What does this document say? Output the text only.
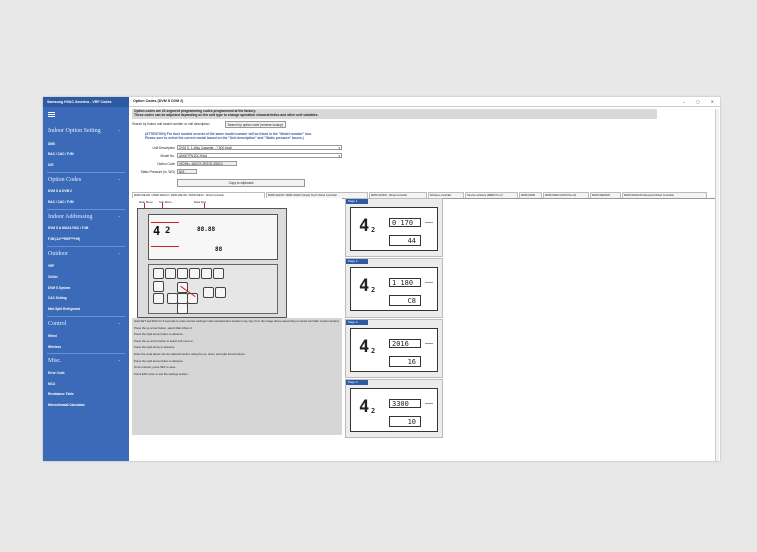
Samsung HVAC America - VRF Codes
Indoor Option Setting	⌃
DMS
RAC / CAC / FJM
ICR
Option Codes	⌃
DVM S & DVM 2
RAC / CAC / FJM
Indoor Addressing	⌃
DVM S & MAXA RAC / FJM
FJM (AJ***RBF***HH)
Outdoor	⌃
VRF
Chiller
DVM S System
CAC Setting
Mini Split Refrigerant
Control	⌃
Wired
Wireless
Misc.	⌃
Error Code
MCU
Resistance Table
Microclimatal Calculator
Option Codes (DVM S DVM 2)	–	◻	✕
Option codes are 24 segment programming codes programmed at the factory.
These codes can be adjusted depending on the unit type to change operation characteristics and other unit variables.
Search by indoor unit model number or unit description	Search by option code (reverse lookup)
(ATTENTION) For duct models several of the same model number will be listed in the "Model number" box.
Please sure to select the correct model based on the "Unit description" and "Static pressure" boxes.)
Unit Description	DVM S, 1-Way Cassette - 7,500 btu/h ▾
Model No.	AM007FN1DCH/AA ▾
Option Code	01D94=-18XCX-2E01S-33D10
Static Pressure (in. WG)	N/A
Copy to clipboard
MWR-WE10N / MWR-WE11N / MWR-WE13N / MWR-WE10 - Wired controller	MWR-SH10N / MWR-SH11N Simple Touch Wired Controller	MWR-SH00N - Wired controller	Wireless controller	Service software (DBEP Pro 2)	MWR-KM00	MWR-WE00 (DVM Plus III)	MWR-WE00UN	MWR-WG00UN Advanced Wired Controller
Main Menu Sub Menu	Data Sets
4 2	88.88
88

Hold SET and ESC for 5 seconds to enter service settings mode (actual button location may vary from the image above depending on wired controller model number).

Press the up arrow button, select Main Menu 4.

Press the right arrow button to advance.

Press the up arrow button to select sub menu 2.

Press the right arrow to advance.

Enter the code above into the data-bit section using the up, down, and right arrow buttons.

Press the right arrow button to advance.

Once entered, press SET to save.

Press ESC twice to exit the settings section.

Page 1
4 2
0 170
44
Page 2
4 2
1 180
C8
Page 3
4 2
2016
16
Page 4
4 2
3300
10
